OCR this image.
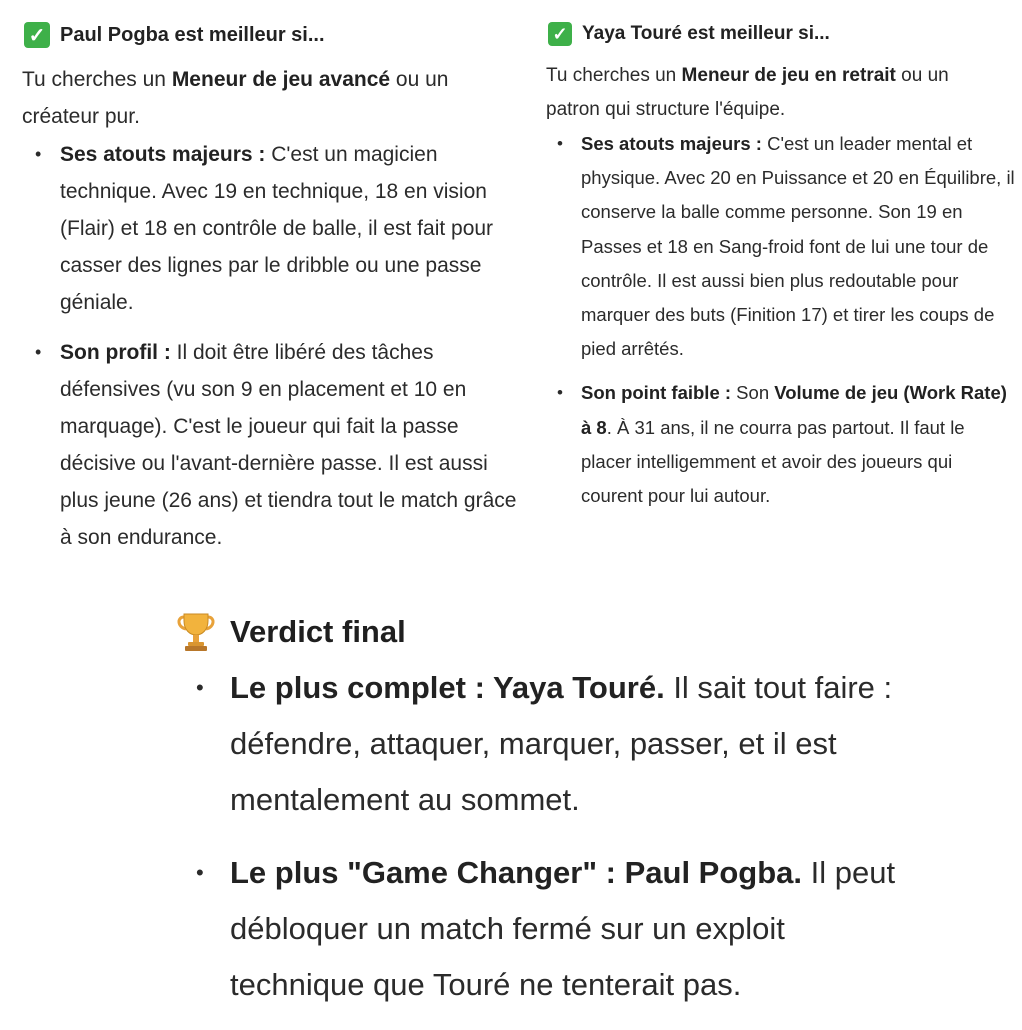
✓ Paul Pogba est meilleur si...

Tu cherches un Meneur de jeu avancé ou un créateur pur.

• Ses atouts majeurs : C'est un magicien technique. Avec 19 en technique, 18 en vision (Flair) et 18 en contrôle de balle, il est fait pour casser des lignes par le dribble ou une passe géniale.
• Son profil : Il doit être libéré des tâches défensives (vu son 9 en placement et 10 en marquage). C'est le joueur qui fait la passe décisive ou l'avant-dernière passe. Il est aussi plus jeune (26 ans) et tiendra tout le match grâce à son endurance.
✓ Yaya Touré est meilleur si...

Tu cherches un Meneur de jeu en retrait ou un patron qui structure l'équipe.

• Ses atouts majeurs : C'est un leader mental et physique. Avec 20 en Puissance et 20 en Équilibre, il conserve la balle comme personne. Son 19 en Passes et 18 en Sang-froid font de lui une tour de contrôle. Il est aussi bien plus redoutable pour marquer des buts (Finition 17) et tirer les coups de pied arrêtés.
• Son point faible : Son Volume de jeu (Work Rate) à 8. À 31 ans, il ne courra pas partout. Il faut le placer intelligemment et avoir des joueurs qui courent pour lui autour.
Verdict final
• Le plus complet : Yaya Touré. Il sait tout faire : défendre, attaquer, marquer, passer, et il est mentalement au sommet.
• Le plus "Game Changer" : Paul Pogba. Il peut débloquer un match fermé sur un exploit technique que Touré ne tenterait pas.
